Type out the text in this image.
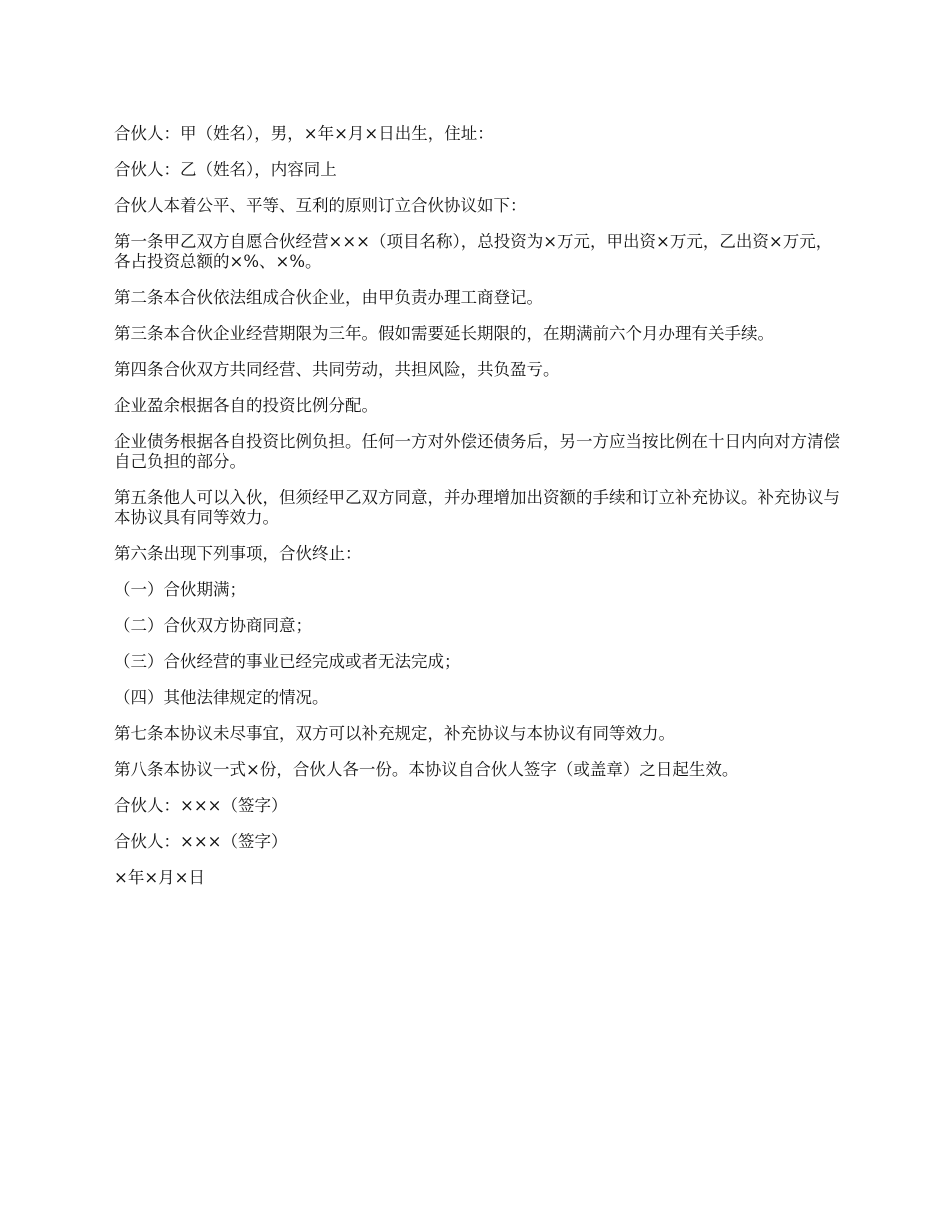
合伙人：甲（姓名），男，×年×月×日出生，住址：

合伙人：乙（姓名），内容同上

合伙人本着公平、平等、互利的原则订立合伙协议如下：

第一条甲乙双方自愿合伙经营×××（项目名称），总投资为×万元，甲出资×万元，乙出资×万元，各占投资总额的×%、×%。

第二条本合伙依法组成合伙企业，由甲负责办理工商登记。

第三条本合伙企业经营期限为三年。假如需要延长期限的，在期满前六个月办理有关手续。

第四条合伙双方共同经营、共同劳动，共担风险，共负盈亏。

企业盈余根据各自的投资比例分配。

企业债务根据各自投资比例负担。任何一方对外偿还债务后，另一方应当按比例在十日内向对方清偿自己负担的部分。

第五条他人可以入伙，但须经甲乙双方同意，并办理增加出资额的手续和订立补充协议。补充协议与本协议具有同等效力。

第六条出现下列事项，合伙终止：

（一）合伙期满；

（二）合伙双方协商同意；

（三）合伙经营的事业已经完成或者无法完成；

（四）其他法律规定的情况。

第七条本协议未尽事宜，双方可以补充规定，补充协议与本协议有同等效力。

第八条本协议一式×份，合伙人各一份。本协议自合伙人签字（或盖章）之日起生效。

合伙人：×××（签字）

合伙人：×××（签字）

×年×月×日
